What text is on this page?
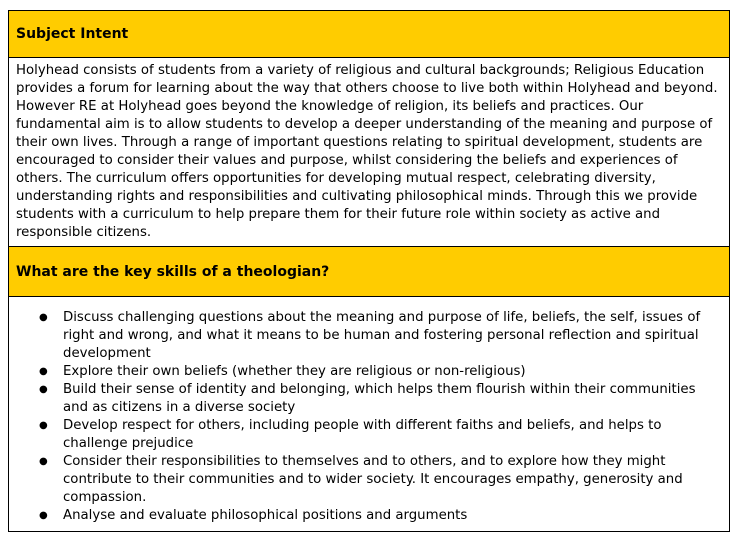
Subject Intent
Holyhead consists of students from a variety of religious and cultural backgrounds; Religious Education provides a forum for learning about the way that others choose to live both within Holyhead and beyond. However RE at Holyhead goes beyond the knowledge of religion, its beliefs and practices. Our fundamental aim is to allow students to develop a deeper understanding of the meaning and purpose of their own lives. Through a range of important questions relating to spiritual development, students are encouraged to consider their values and purpose, whilst considering the beliefs and experiences of others. The curriculum offers opportunities for developing mutual respect, celebrating diversity, understanding rights and responsibilities and cultivating philosophical minds. Through this we provide students with a curriculum to help prepare them for their future role within society as active and responsible citizens.
What are the key skills of a theologian?

● Discuss challenging questions about the meaning and purpose of life, beliefs, the self, issues of right and wrong, and what it means to be human and fostering personal reflection and spiritual development
● Explore their own beliefs (whether they are religious or non-religious)
● Build their sense of identity and belonging, which helps them flourish within their communities and as citizens in a diverse society
● Develop respect for others, including people with different faiths and beliefs, and helps to challenge prejudice
● Consider their responsibilities to themselves and to others, and to explore how they might contribute to their communities and to wider society. It encourages empathy, generosity and compassion.
● Analyse and evaluate philosophical positions and arguments
